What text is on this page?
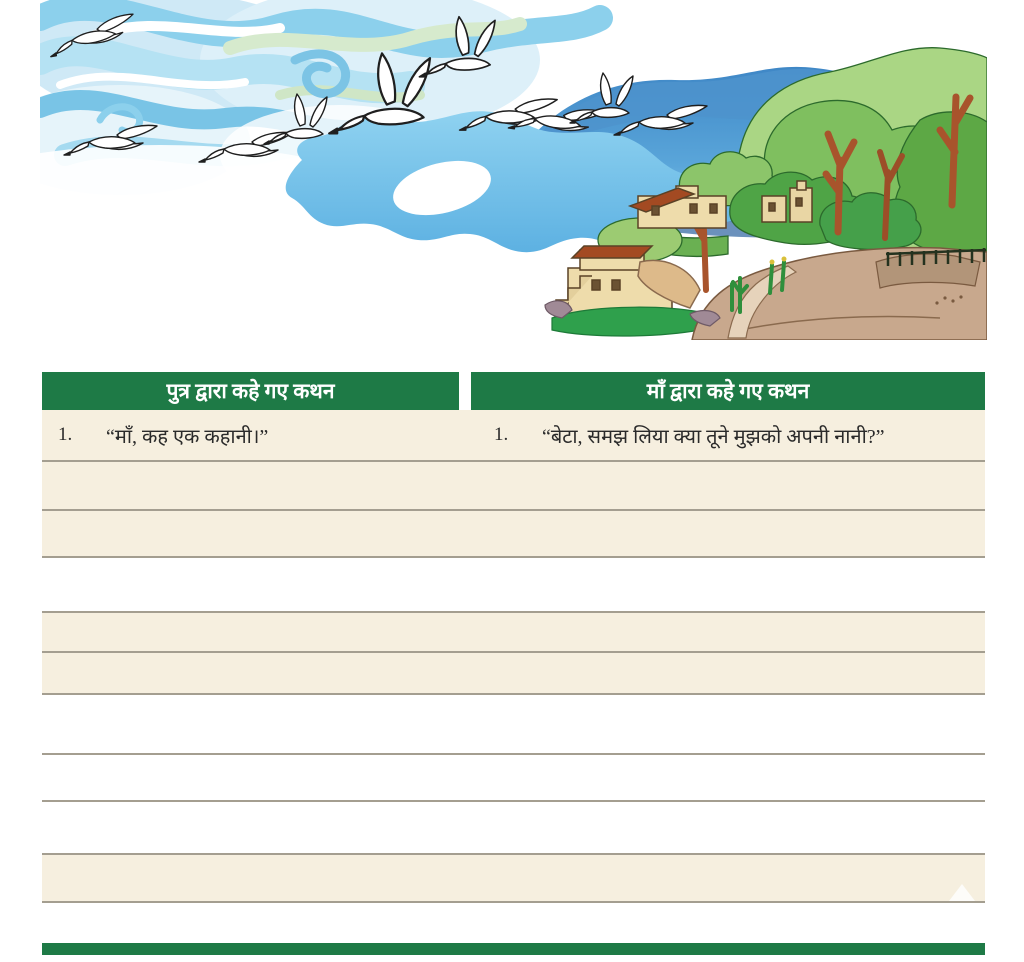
पुत्र द्वारा कहे गए कथन	माँ द्वारा कहे गए कथन
1.	“माँ, कह एक कहानी।”	1.	“बेटा, समझ लिया क्या तूने मुझको अपनी नानी?”
